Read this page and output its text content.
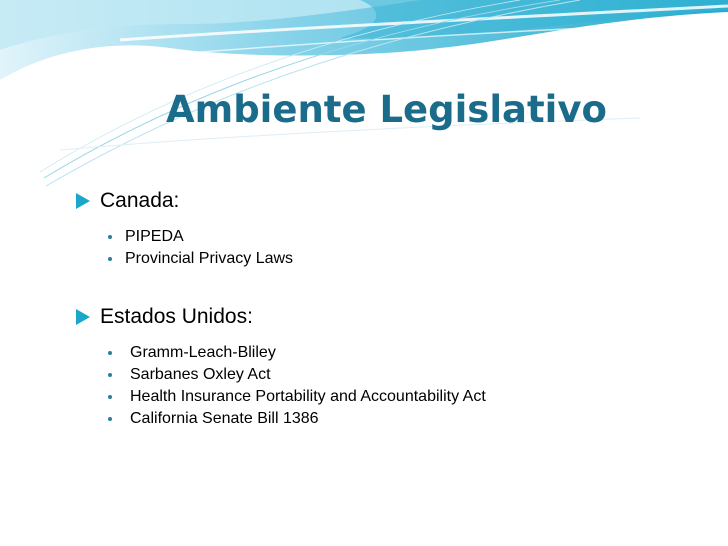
Ambiente Legislativo
Canada:
PIPEDA
Provincial Privacy Laws
Estados Unidos:
Gramm-Leach-Bliley
Sarbanes Oxley Act
Health Insurance Portability and Accountability Act
California Senate Bill 1386
